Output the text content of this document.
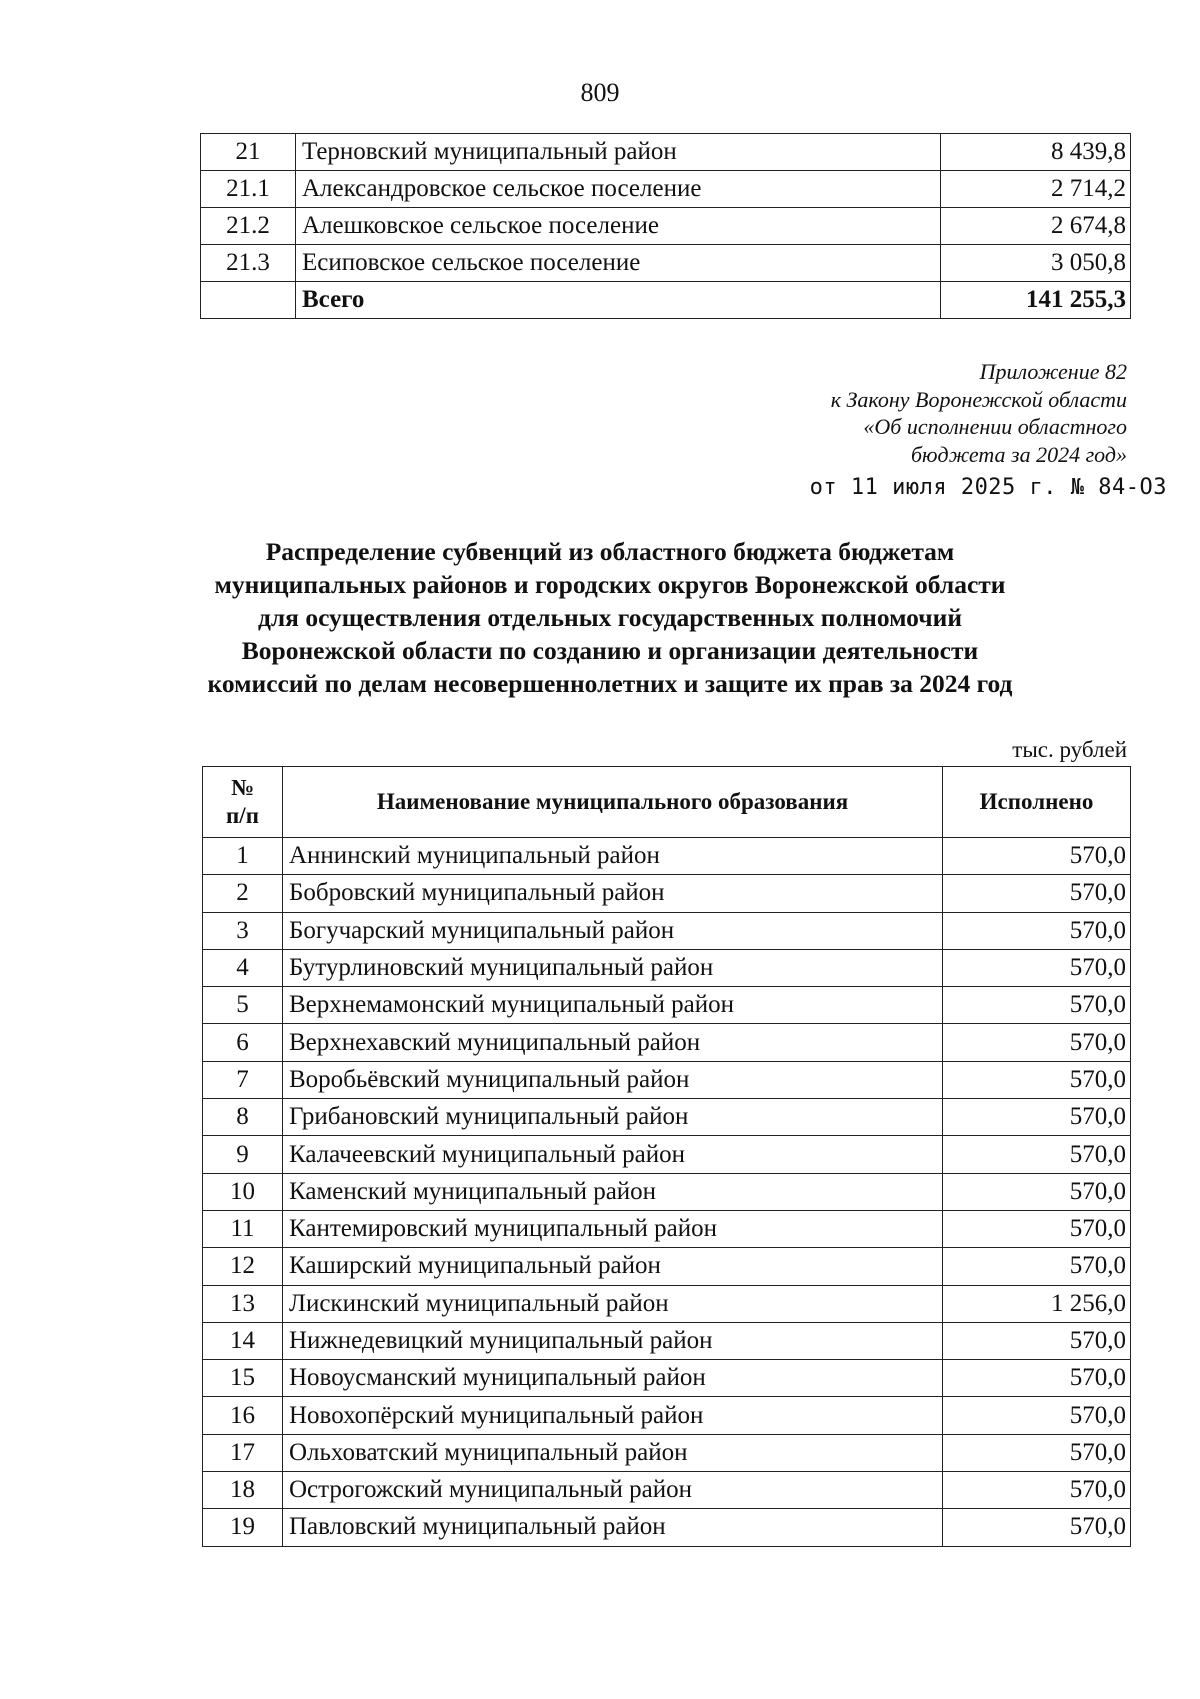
809
21	Терновский муниципальный район	8 439,8
21.1	Александровское сельское поселение	2 714,2
21.2	Алешковское сельское поселение	2 674,8
21.3	Есиповское сельское поселение	3 050,8
	Всего	141 255,3
Приложение 82
к Закону Воронежской области
«Об исполнении областного
бюджета за 2024 год»
от 11 июля 2025 г. № 84-ОЗ
Распределение субвенций из областного бюджета бюджетам
муниципальных районов и городских округов Воронежской области
для осуществления отдельных государственных полномочий
Воронежской области по созданию и организации деятельности
комиссий по делам несовершеннолетних и защите их прав за 2024 год
тыс. рублей
№
п/п	Наименование муниципального образования	Исполнено
1	Аннинский муниципальный район	570,0
2	Бобровский муниципальный район	570,0
3	Богучарский муниципальный район	570,0
4	Бутурлиновский муниципальный район	570,0
5	Верхнемамонский муниципальный район	570,0
6	Верхнехавский муниципальный район	570,0
7	Воробьёвский муниципальный район	570,0
8	Грибановский муниципальный район	570,0
9	Калачеевский муниципальный район	570,0
10	Каменский муниципальный район	570,0
11	Кантемировский муниципальный район	570,0
12	Каширский муниципальный район	570,0
13	Лискинский муниципальный район	1 256,0
14	Нижнедевицкий муниципальный район	570,0
15	Новоусманский муниципальный район	570,0
16	Новохопёрский муниципальный район	570,0
17	Ольховатский муниципальный район	570,0
18	Острогожский муниципальный район	570,0
19	Павловский муниципальный район	570,0
